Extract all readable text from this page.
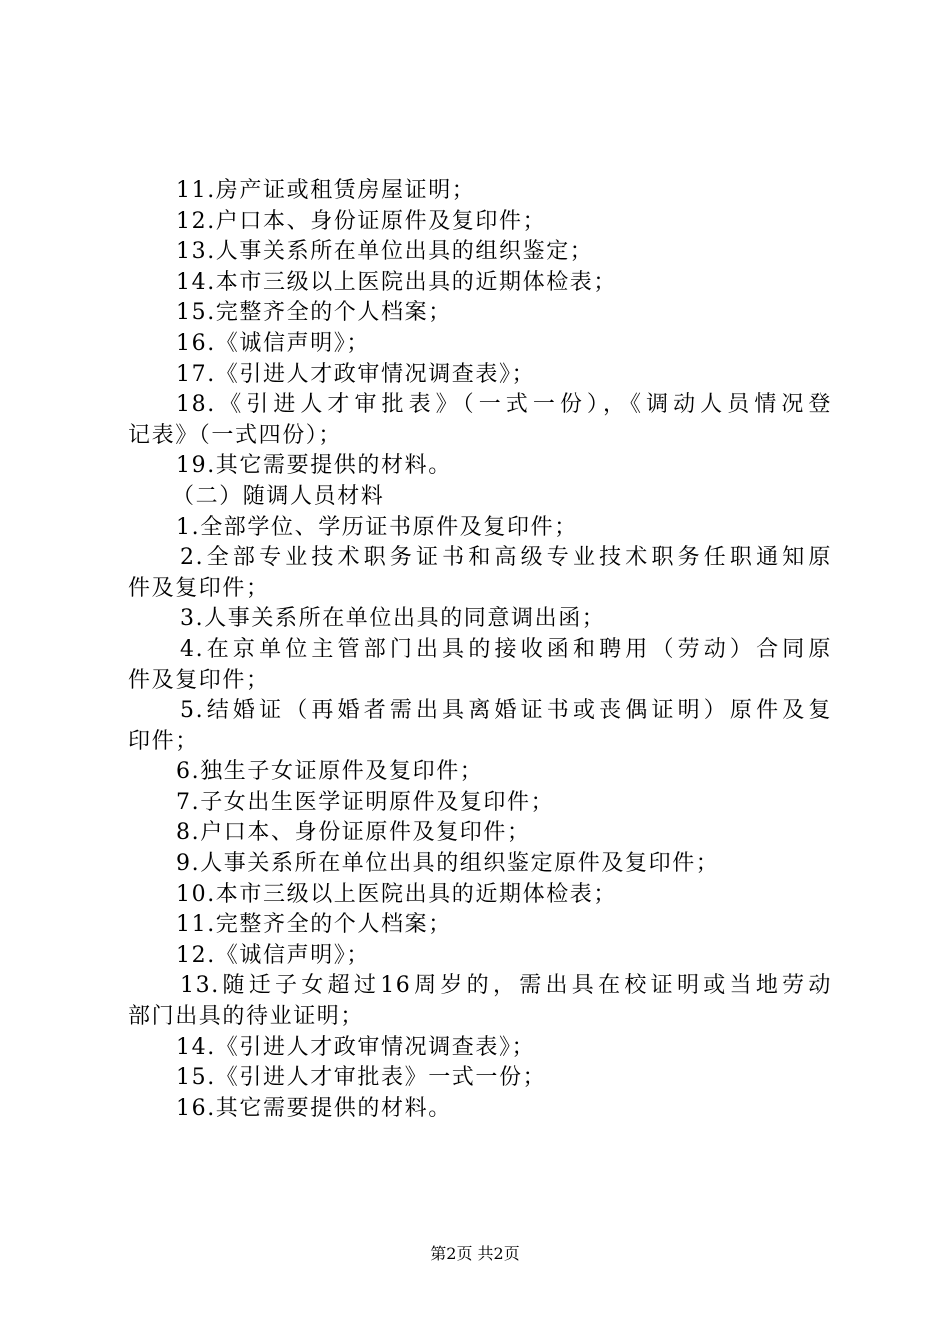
11.房产证或租赁房屋证明；
12.户口本、身份证原件及复印件；
13.人事关系所在单位出具的组织鉴定；
14.本市三级以上医院出具的近期体检表；
15.完整齐全的个人档案；
16.《诚信声明》；
17.《引进人才政审情况调查表》；
18.《引进人才审批表》（一式一份），《调动人员情况登
记表》（一式四份）；
19.其它需要提供的材料。
（二）随调人员材料
1.全部学位、学历证书原件及复印件；
2.全部专业技术职务证书和高级专业技术职务任职通知原
件及复印件；
3.人事关系所在单位出具的同意调出函；
4.在京单位主管部门出具的接收函和聘用（劳动）合同原
件及复印件；
5.结婚证（再婚者需出具离婚证书或丧偶证明）原件及复
印件；
6.独生子女证原件及复印件；
7.子女出生医学证明原件及复印件；
8.户口本、身份证原件及复印件；
9.人事关系所在单位出具的组织鉴定原件及复印件；
10.本市三级以上医院出具的近期体检表；
11.完整齐全的个人档案；
12.《诚信声明》；
13.随迁子女超过16周岁的，需出具在校证明或当地劳动
部门出具的待业证明；
14.《引进人才政审情况调查表》；
15.《引进人才审批表》一式一份；
16.其它需要提供的材料。
第2页 共2页
